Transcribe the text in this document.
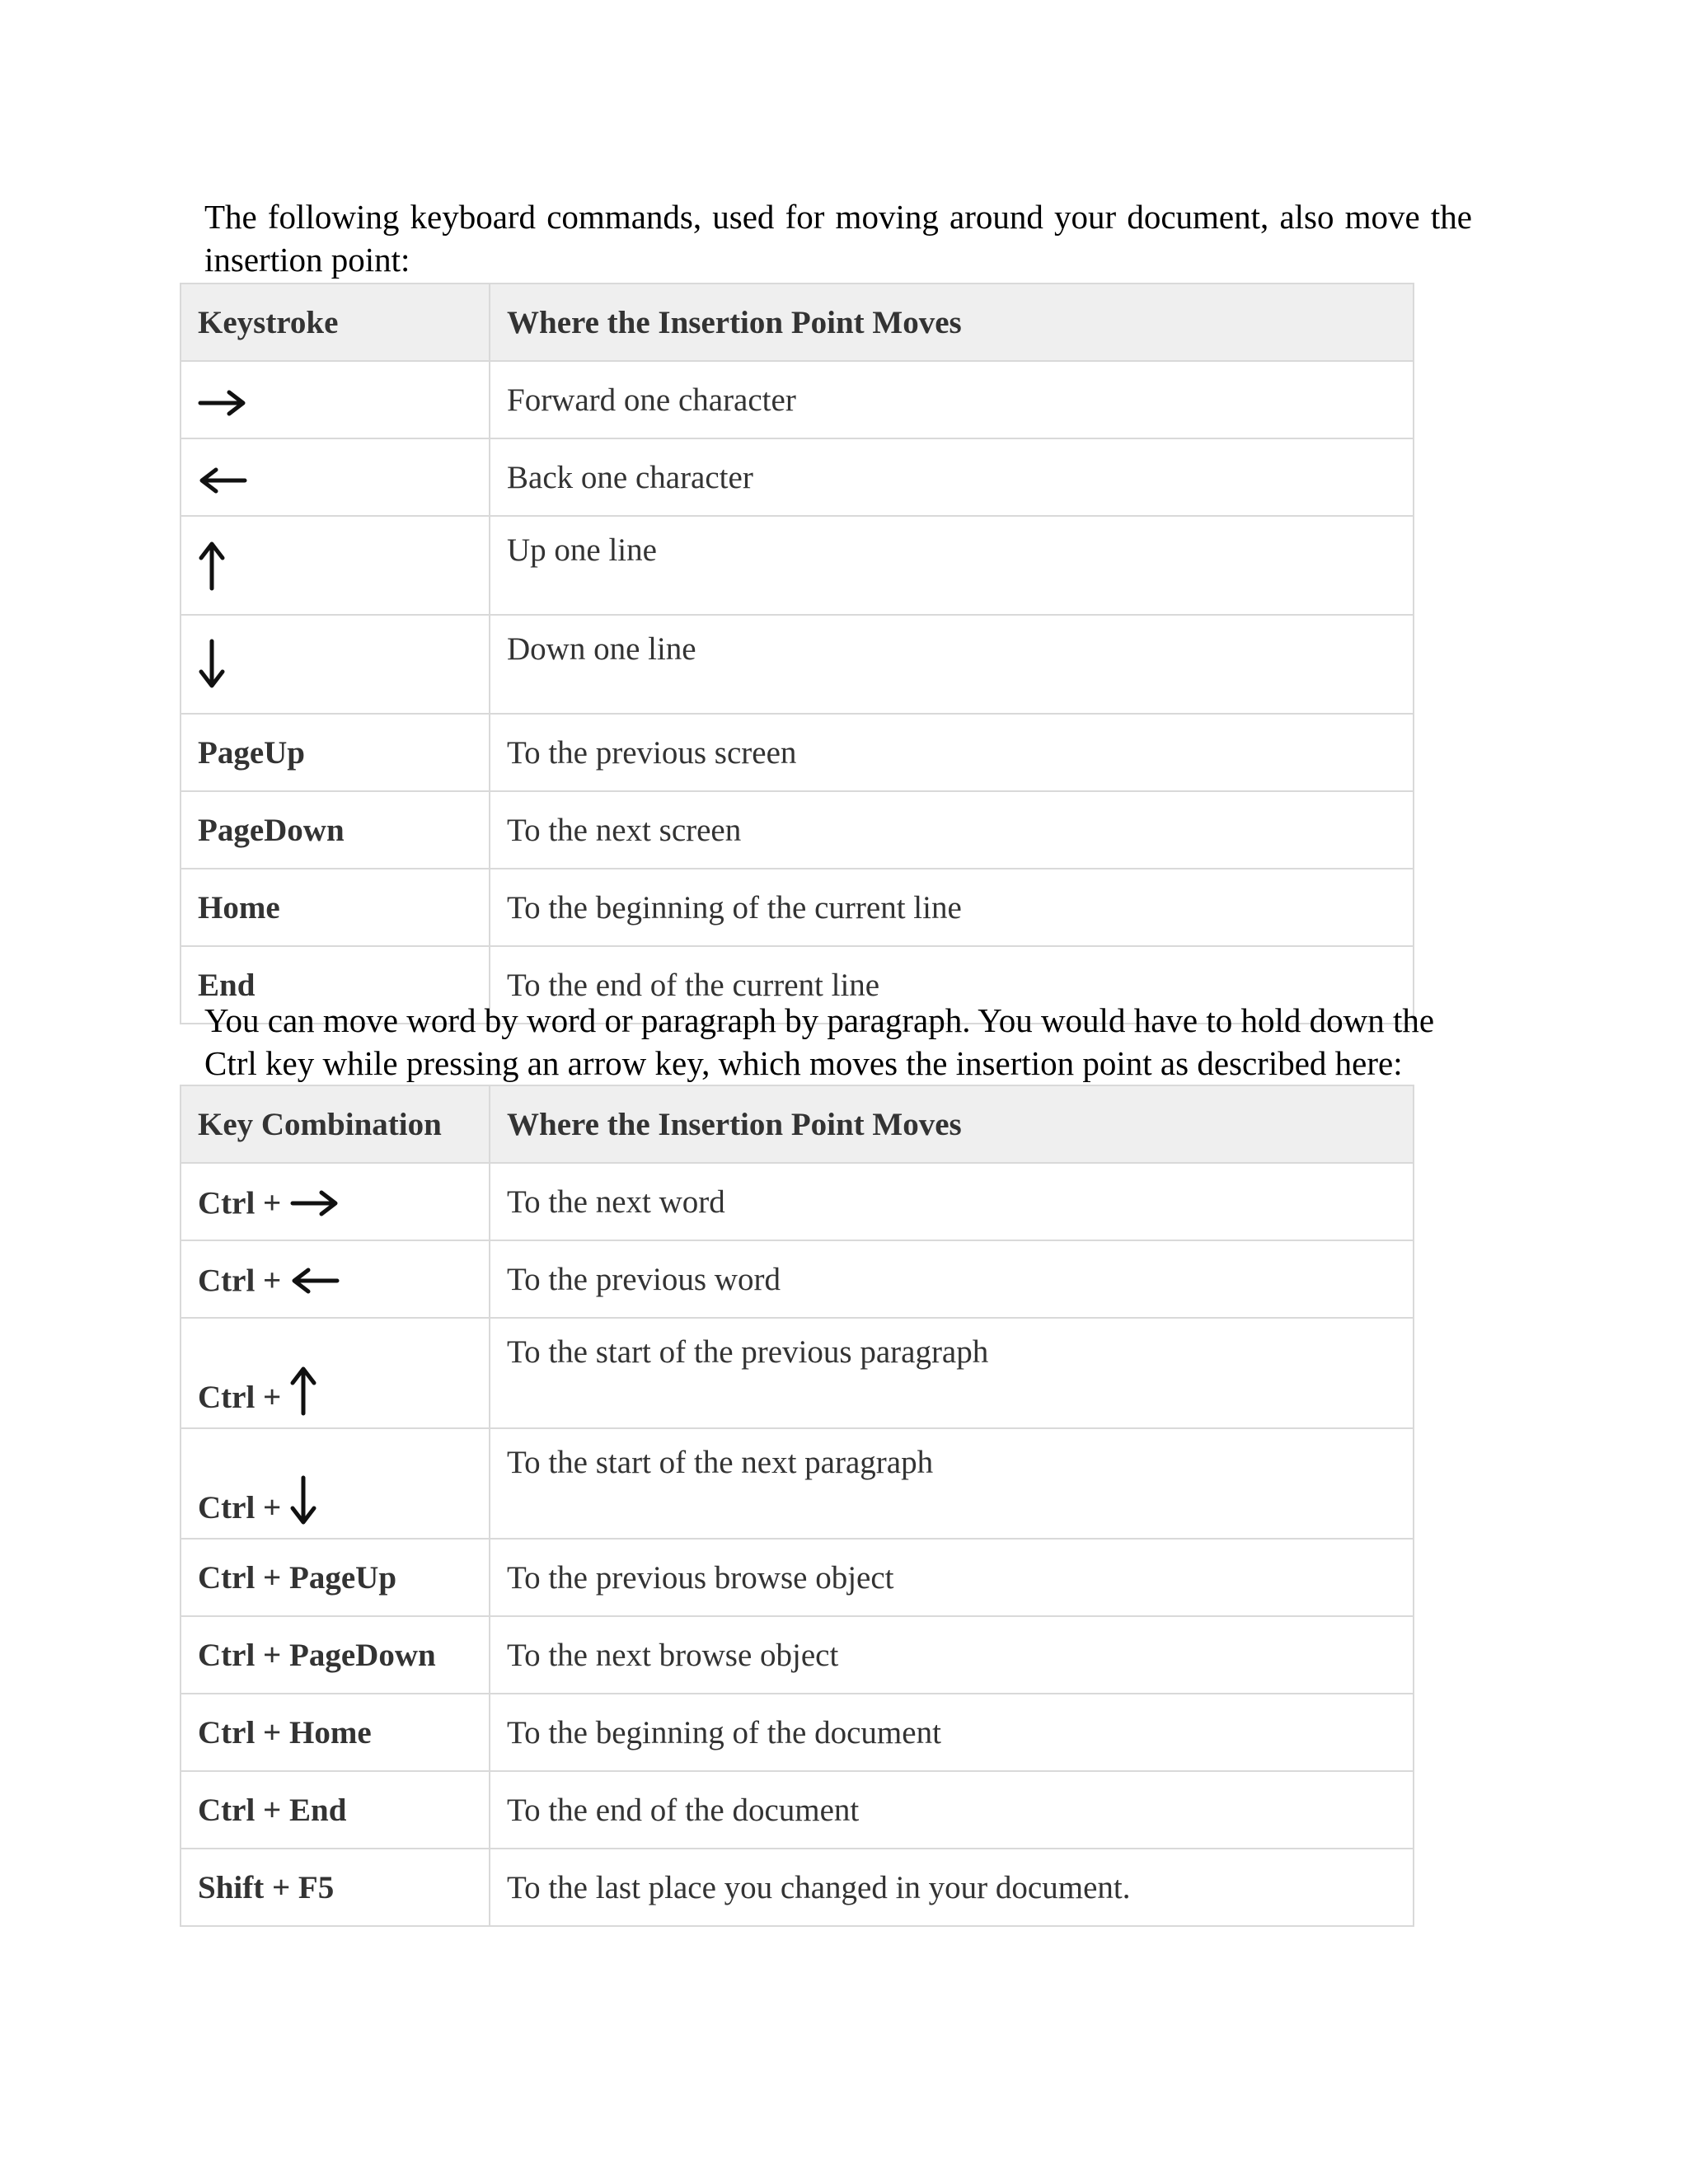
The following keyboard commands, used for moving around your document, also move the insertion point:

Keystroke	Where the Insertion Point Moves

	Forward one character

	Back one character

	Up one line

	Down one line
PageUp	To the previous screen
PageDown	To the next screen
Home	To the beginning of the current line
End	To the end of the current line

You can move word by word or paragraph by paragraph. You would have to hold down the Ctrl key while pressing an arrow key, which moves the insertion point as described here:

Key Combination	Where the Insertion Point Moves
Ctrl +	To the next word
Ctrl +	To the previous word
Ctrl +	To the start of the previous paragraph
Ctrl +	To the start of the next paragraph
Ctrl + PageUp	To the previous browse object
Ctrl + PageDown	To the next browse object
Ctrl + Home	To the beginning of the document
Ctrl + End	To the end of the document
Shift + F5	To the last place you changed in your document.
